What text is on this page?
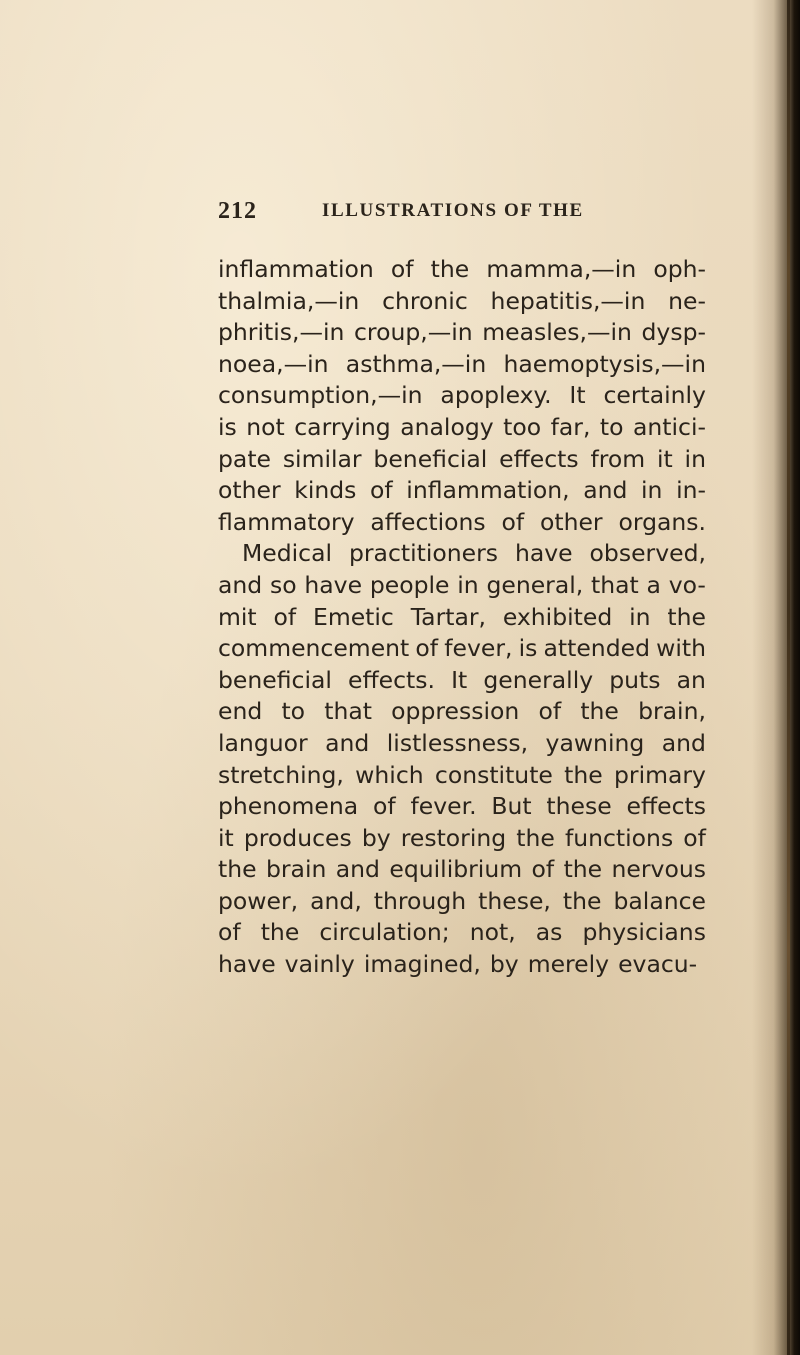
212	ILLUSTRATIONS OF THE
inflammation of the mamma,—in oph-
thalmia,—in chronic hepatitis,—in ne-
phritis,—in croup,—in measles,—in dysp-
noea,—in asthma,—in haemoptysis,—in
consumption,—in apoplexy. It certainly
is not carrying analogy too far, to antici-
pate similar beneficial effects from it in
other kinds of inflammation, and in in-
flammatory affections of other organs.
Medical practitioners have observed,
and so have people in general, that a vo-
mit of Emetic Tartar, exhibited in the
commencement of fever, is attended with
beneficial effects. It generally puts an
end to that oppression of the brain,
languor and listlessness, yawning and
stretching, which constitute the primary
phenomena of fever. But these effects
it produces by restoring the functions of
the brain and equilibrium of the nervous
power, and, through these, the balance
of the circulation; not, as physicians
have vainly imagined, by merely evacu-
